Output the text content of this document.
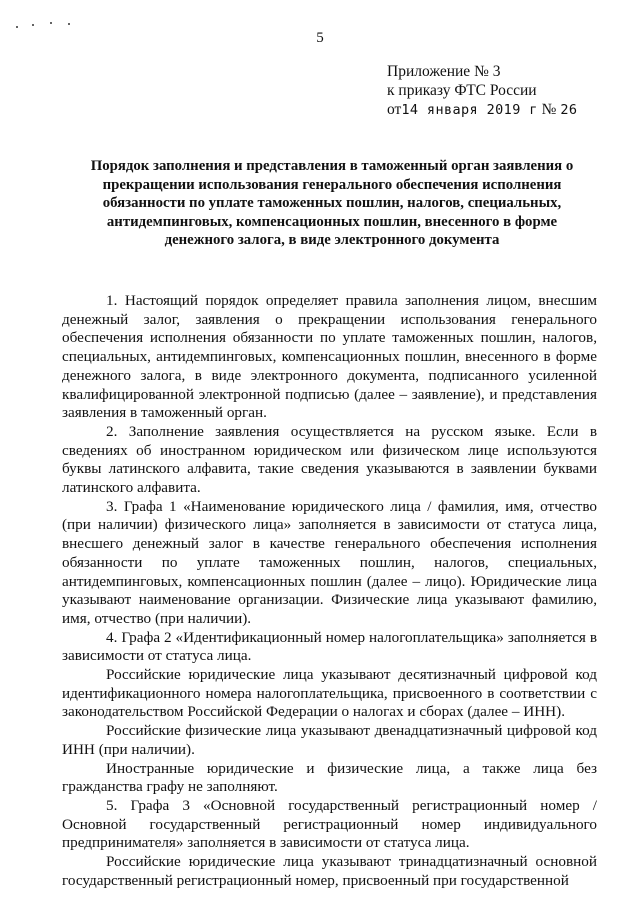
5
Приложение № 3
к приказу ФТС России
от14 января 2019 г № 26
Порядок заполнения и представления в таможенный орган заявления о прекращении использования генерального обеспечения исполнения обязанности по уплате таможенных пошлин, налогов, специальных, антидемпинговых, компенсационных пошлин, внесенного в форме денежного залога, в виде электронного документа

1. Настоящий порядок определяет правила заполнения лицом, внесшим денежный залог, заявления о прекращении использования генерального обеспечения исполнения обязанности по уплате таможенных пошлин, налогов, специальных, антидемпинговых, компенсационных пошлин, внесенного в форме денежного залога, в виде электронного документа, подписанного усиленной квалифицированной электронной подписью (далее – заявление), и представления заявления в таможенный орган.

2. Заполнение заявления осуществляется на русском языке. Если в сведениях об иностранном юридическом или физическом лице используются буквы латинского алфавита, такие сведения указываются в заявлении буквами латинского алфавита.

3. Графа 1 «Наименование юридического лица / фамилия, имя, отчество (при наличии) физического лица» заполняется в зависимости от статуса лица, внесшего денежный залог в качестве генерального обеспечения исполнения обязанности по уплате таможенных пошлин, налогов, специальных, антидемпинговых, компенсационных пошлин (далее – лицо). Юридические лица указывают наименование организации. Физические лица указывают фамилию, имя, отчество (при наличии).

4. Графа 2 «Идентификационный номер налогоплательщика» заполняется в зависимости от статуса лица.

Российские юридические лица указывают десятизначный цифровой код идентификационного номера налогоплательщика, присвоенного в соответствии с законодательством Российской Федерации о налогах и сборах (далее – ИНН).

Российские физические лица указывают двенадцатизначный цифровой код ИНН (при наличии).

Иностранные юридические и физические лица, а также лица без гражданства графу не заполняют.

5. Графа 3 «Основной государственный регистрационный номер / Основной государственный регистрационный номер индивидуального предпринимателя» заполняется в зависимости от статуса лица.

Российские юридические лица указывают тринадцатизначный основной государственный регистрационный номер, присвоенный при государственной
